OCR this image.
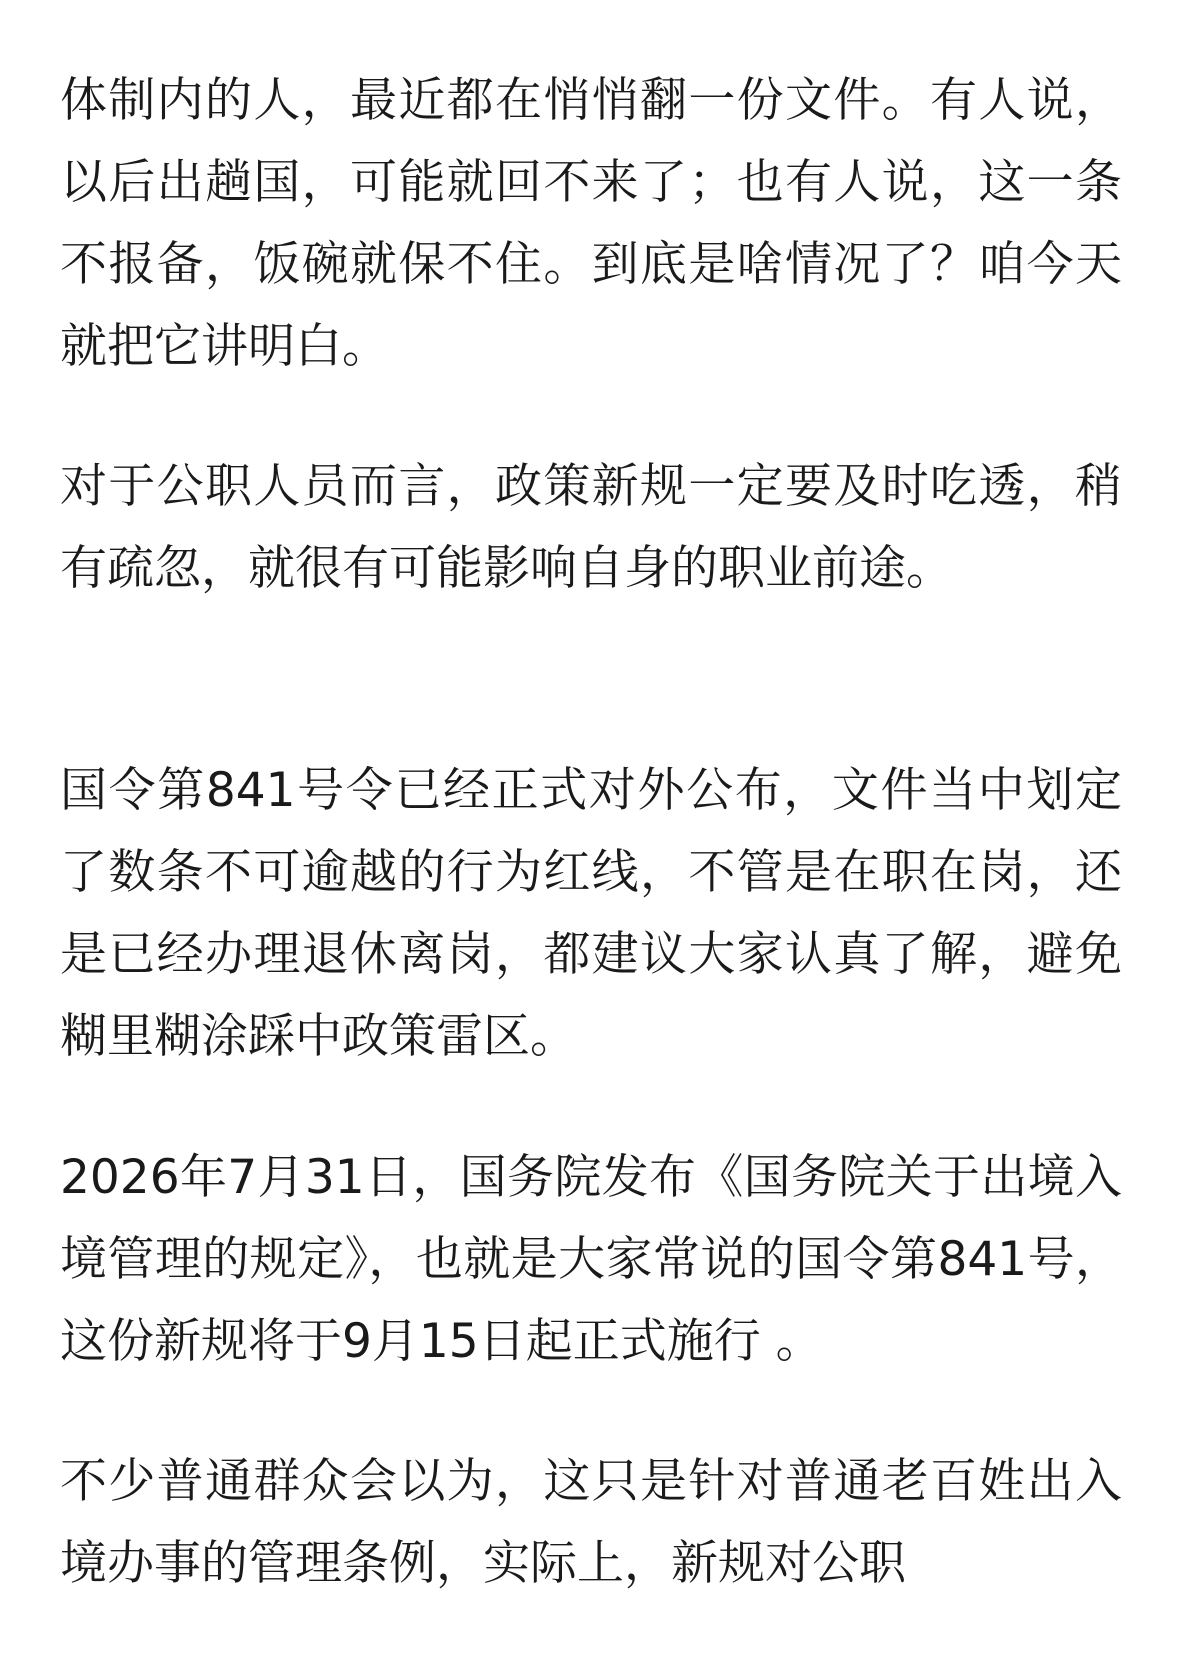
体制内的人，最近都在悄悄翻一份文件。有人说，以后出趟国，可能就回不来了；也有人说，这一条不报备，饭碗就保不住。到底是啥情况了？咱今天就把它讲明白。

对于公职人员而言，政策新规一定要及时吃透，稍有疏忽，就很有可能影响自身的职业前途。

国令第841号令已经正式对外公布，文件当中划定了数条不可逾越的行为红线，不管是在职在岗，还是已经办理退休离岗，都建议大家认真了解，避免糊里糊涂踩中政策雷区。

2026年7月31日，国务院发布《国务院关于出境入境管理的规定》，也就是大家常说的国令第841号，这份新规将于9月15日起正式施行 。

不少普通群众会以为，这只是针对普通老百姓出入境办事的管理条例，实际上，新规对公职
